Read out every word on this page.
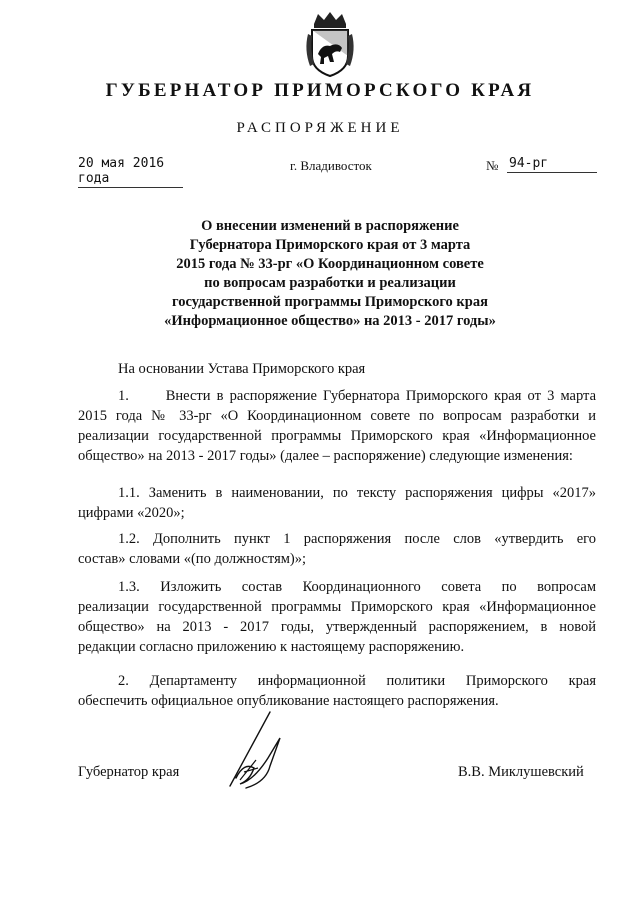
ГУБЕРНАТОР ПРИМОРСКОГО КРАЯ
РАСПОРЯЖЕНИЕ
20 мая 2016 года
г. Владивосток	№ 94-рг
О внесении изменений в распоряжение
Губернатора Приморского края от 3 марта
2015 года № 33-рг «О Координационном совете
по вопросам разработки и реализации
государственной программы Приморского края
«Информационное общество» на 2013 - 2017 годы»
На основании Устава Приморского края
1.      Внести в распоряжение Губернатора Приморского края от 3 марта
2015 года № 33-рг «О Координационном совете по вопросам разработки и
реализации государственной программы Приморского края «Информационное
общество» на 2013 - 2017 годы» (далее – распоряжение) следующие изменения:
1.1. Заменить в наименовании, по тексту распоряжения цифры «2017»
цифрами «2020»;
1.2. Дополнить пункт 1 распоряжения после слов «утвердить его
состав» словами «(по должностям)»;
1.3. Изложить состав Координационного совета по вопросам
реализации государственной программы Приморского края «Информационное
общество» на 2013 - 2017 годы, утвержденный распоряжением, в новой
редакции согласно приложению к настоящему распоряжению.
2. Департаменту информационной политики Приморского края
обеспечить официальное опубликование настоящего распоряжения.
Губернатор края	В.В. Миклушевский
